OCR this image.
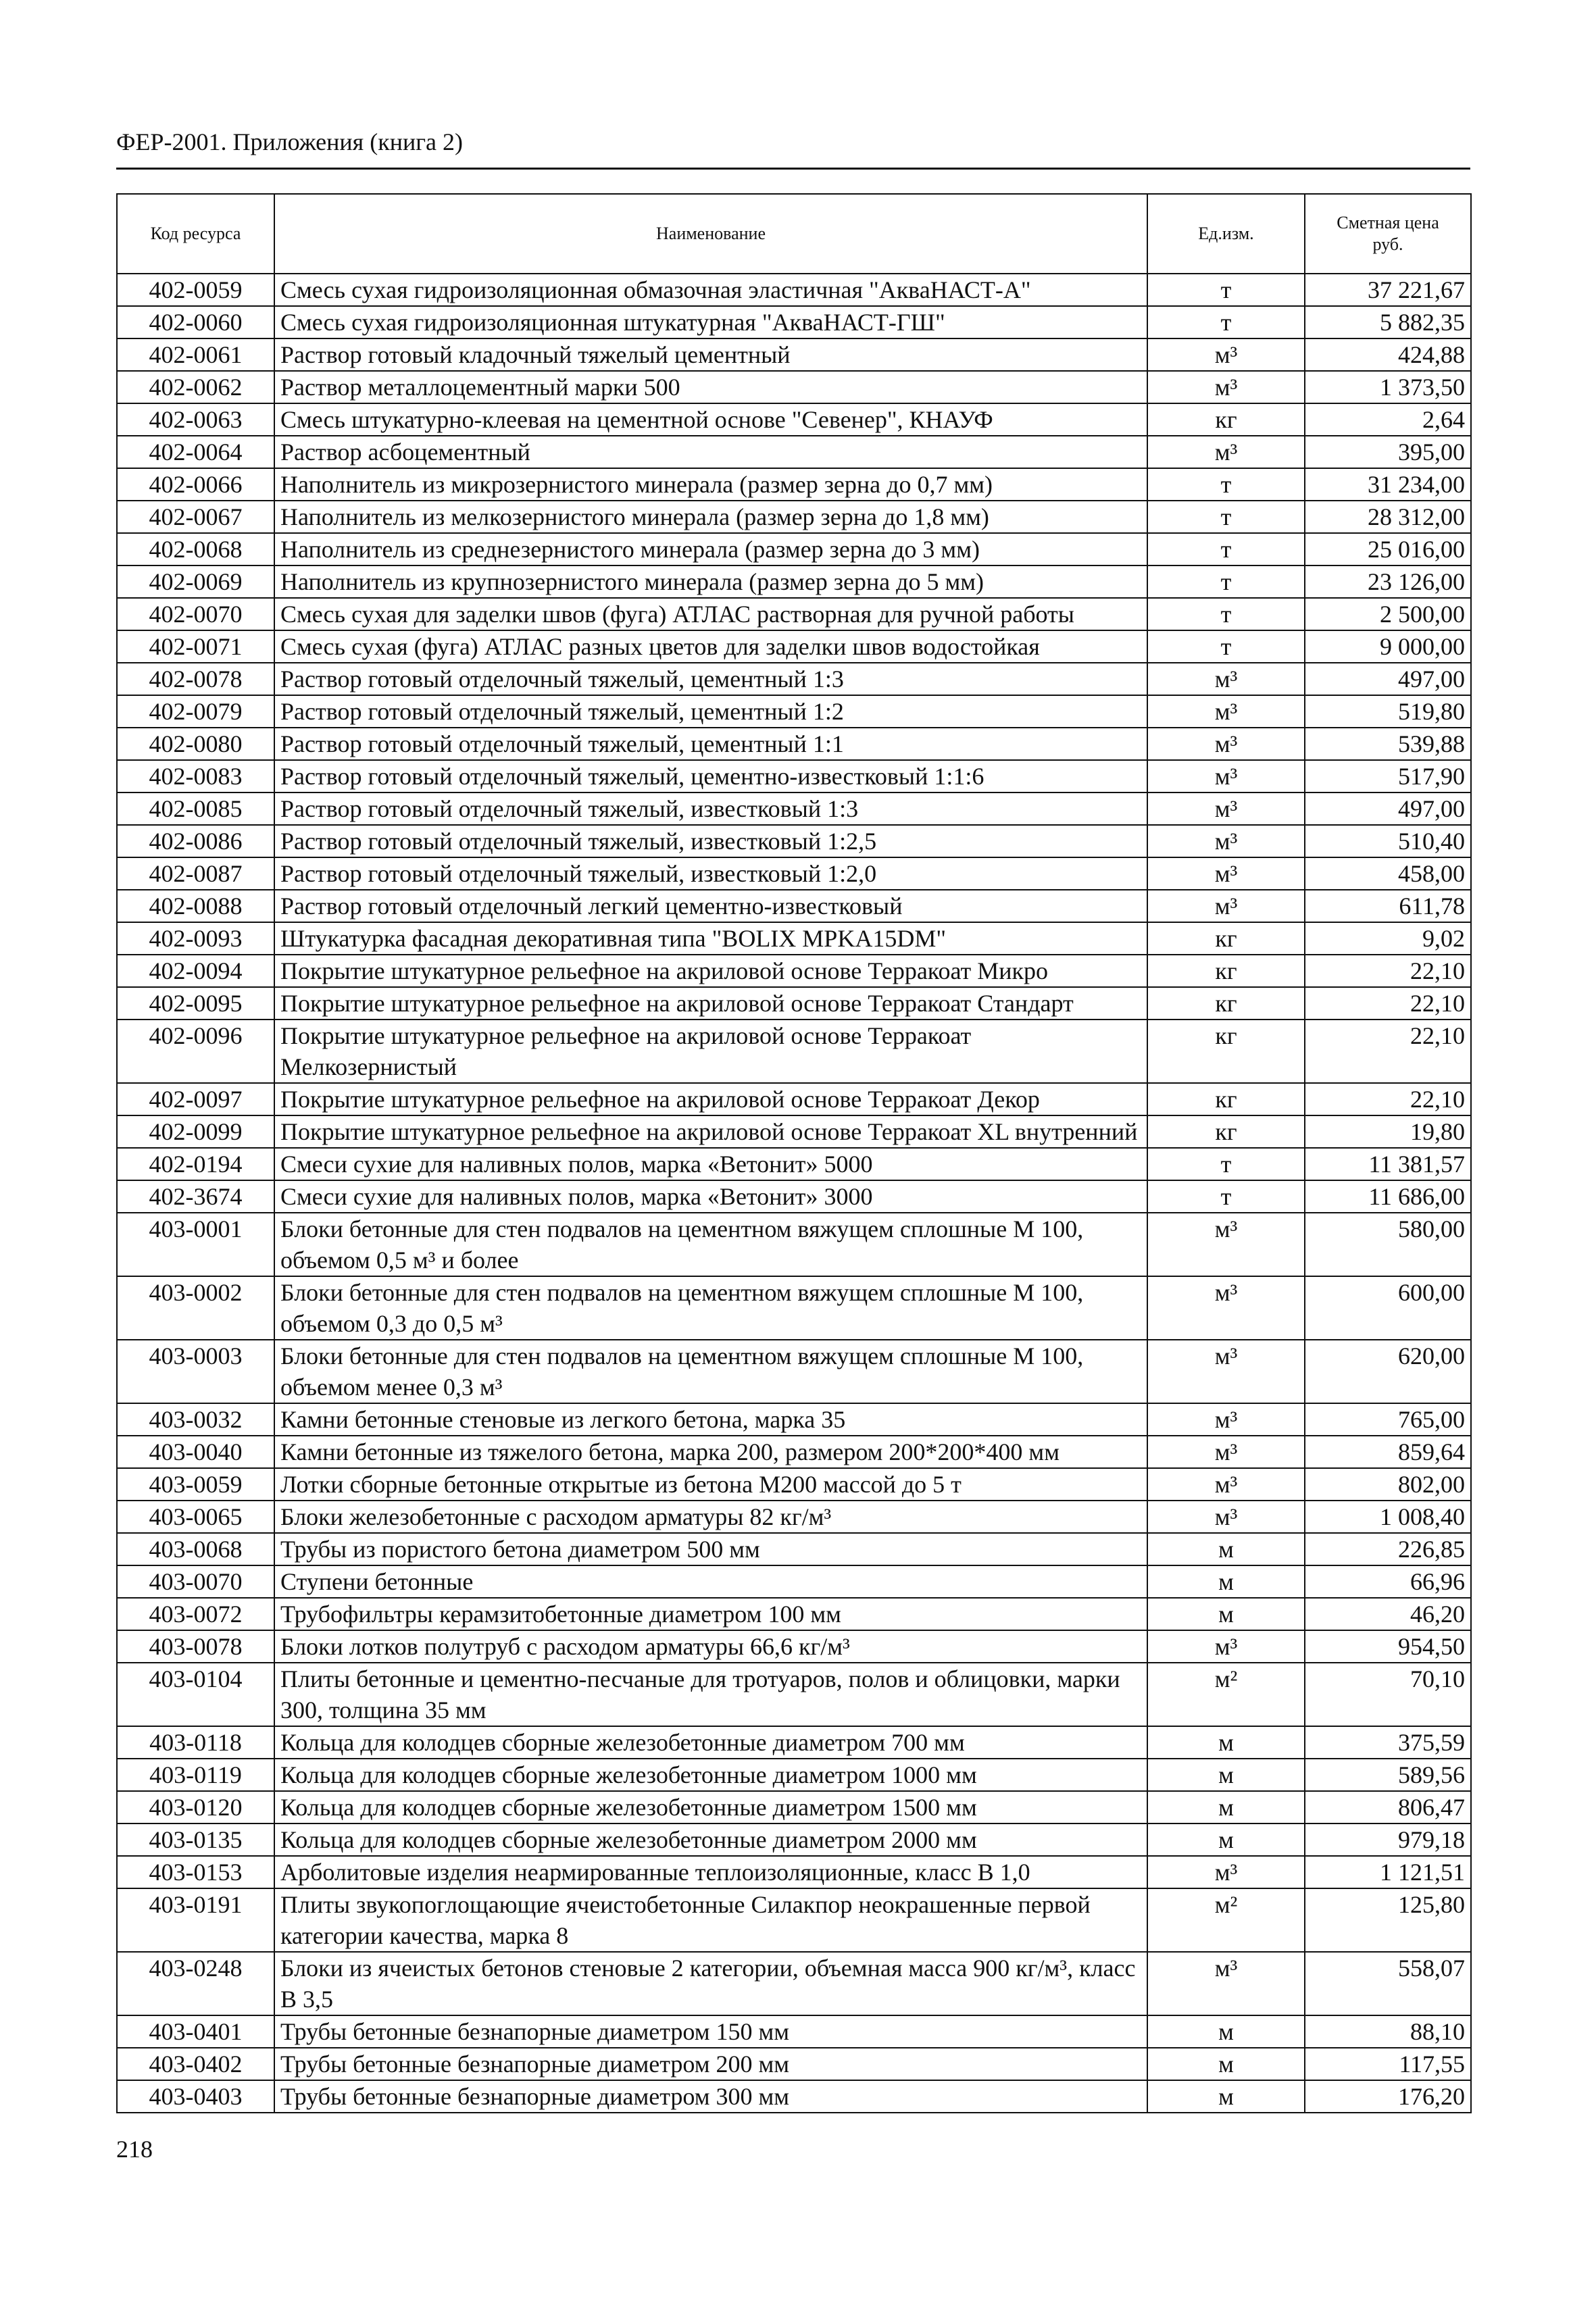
ФЕР-2001. Приложения (книга 2)
Код ресурса	Наименование	Ед.изм.	Сметная цена руб.
402-0059	Смесь сухая гидроизоляционная обмазочная эластичная "АкваНАСТ-А"	т	37 221,67
402-0060	Смесь сухая гидроизоляционная штукатурная "АкваНАСТ-ГШ"	т	5 882,35
402-0061	Раствор готовый кладочный тяжелый цементный	м³	424,88
402-0062	Раствор металлоцементный марки 500	м³	1 373,50
402-0063	Смесь штукатурно-клеевая на цементной основе "Севенер", КНАУФ	кг	2,64
402-0064	Раствор асбоцементный	м³	395,00
402-0066	Наполнитель из микрозернистого минерала (размер зерна до 0,7 мм)	т	31 234,00
402-0067	Наполнитель из мелкозернистого минерала (размер зерна до 1,8 мм)	т	28 312,00
402-0068	Наполнитель из среднезернистого минерала (размер зерна до 3 мм)	т	25 016,00
402-0069	Наполнитель из крупнозернистого минерала (размер зерна до 5 мм)	т	23 126,00
402-0070	Смесь сухая для заделки швов (фуга) АТЛАС растворная для ручной работы	т	2 500,00
402-0071	Смесь сухая (фуга) АТЛАС разных цветов для заделки швов водостойкая	т	9 000,00
402-0078	Раствор готовый отделочный тяжелый, цементный 1:3	м³	497,00
402-0079	Раствор готовый отделочный тяжелый, цементный 1:2	м³	519,80
402-0080	Раствор готовый отделочный тяжелый, цементный 1:1	м³	539,88
402-0083	Раствор готовый отделочный тяжелый, цементно-известковый 1:1:6	м³	517,90
402-0085	Раствор готовый отделочный тяжелый, известковый 1:3	м³	497,00
402-0086	Раствор готовый отделочный тяжелый, известковый 1:2,5	м³	510,40
402-0087	Раствор готовый отделочный тяжелый, известковый 1:2,0	м³	458,00
402-0088	Раствор готовый отделочный легкий цементно-известковый	м³	611,78
402-0093	Штукатурка фасадная декоративная типа "BOLIX MPKA15DM"	кг	9,02
402-0094	Покрытие штукатурное рельефное на акриловой основе Терракоат Микро	кг	22,10
402-0095	Покрытие штукатурное рельефное на акриловой основе Терракоат Стандарт	кг	22,10
402-0096	Покрытие штукатурное рельефное на акриловой основе Терракоат Мелкозернистый	кг	22,10
402-0097	Покрытие штукатурное рельефное на акриловой основе Терракоат Декор	кг	22,10
402-0099	Покрытие штукатурное рельефное на акриловой основе Терракоат XL внутренний	кг	19,80
402-0194	Смеси сухие для наливных полов, марка «Ветонит» 5000	т	11 381,57
402-3674	Смеси сухие для наливных полов, марка «Ветонит» 3000	т	11 686,00
403-0001	Блоки бетонные для стен подвалов на цементном вяжущем сплошные М 100, объемом 0,5 м³ и более	м³	580,00
403-0002	Блоки бетонные для стен подвалов на цементном вяжущем сплошные М 100, объемом 0,3 до 0,5 м³	м³	600,00
403-0003	Блоки бетонные для стен подвалов на цементном вяжущем сплошные М 100, объемом менее 0,3 м³	м³	620,00
403-0032	Камни бетонные стеновые из легкого бетона, марка 35	м³	765,00
403-0040	Камни бетонные из тяжелого бетона, марка 200, размером 200*200*400 мм	м³	859,64
403-0059	Лотки сборные бетонные открытые из бетона М200 массой до 5 т	м³	802,00
403-0065	Блоки железобетонные с расходом арматуры 82 кг/м³	м³	1 008,40
403-0068	Трубы из пористого бетона диаметром 500 мм	м	226,85
403-0070	Ступени бетонные	м	66,96
403-0072	Трубофильтры керамзитобетонные диаметром 100 мм	м	46,20
403-0078	Блоки лотков полутруб с расходом арматуры 66,6 кг/м³	м³	954,50
403-0104	Плиты бетонные и цементно-песчаные для тротуаров, полов и облицовки, марки 300, толщина 35 мм	м²	70,10
403-0118	Кольца для колодцев сборные железобетонные диаметром 700 мм	м	375,59
403-0119	Кольца для колодцев сборные железобетонные диаметром 1000 мм	м	589,56
403-0120	Кольца для колодцев сборные железобетонные диаметром 1500 мм	м	806,47
403-0135	Кольца для колодцев сборные железобетонные диаметром 2000 мм	м	979,18
403-0153	Арболитовые изделия неармированные теплоизоляционные, класс В 1,0	м³	1 121,51
403-0191	Плиты звукопоглощающие ячеистобетонные Силакпор неокрашенные первой категории качества, марка 8	м²	125,80
403-0248	Блоки из ячеистых бетонов стеновые 2 категории, объемная масса 900 кг/м³, класс В 3,5	м³	558,07
403-0401	Трубы бетонные безнапорные диаметром 150 мм	м	88,10
403-0402	Трубы бетонные безнапорные диаметром 200 мм	м	117,55
403-0403	Трубы бетонные безнапорные диаметром 300 мм	м	176,20
218
